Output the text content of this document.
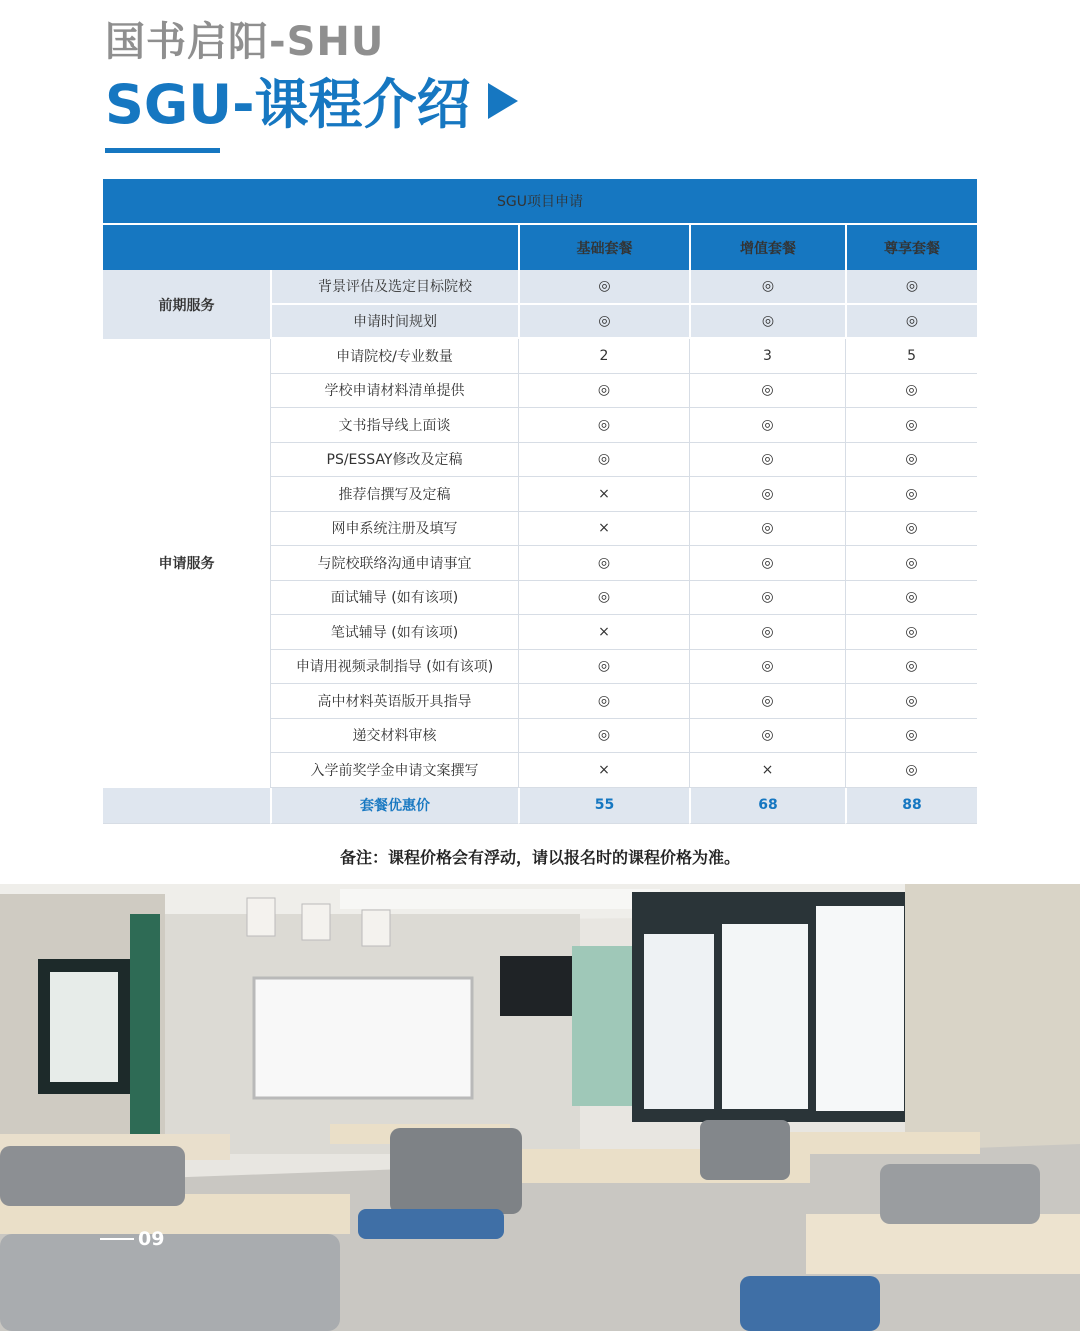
国书启阳-SHU
SGU-课程介绍
SGU项目申请				
		基础套餐	增值套餐	尊享套餐
前期服务	背景评估及选定目标院校	◎	◎	◎
	申请时间规划	◎	◎	◎
申请服务	申请院校/专业数量	2	3	5
	学校申请材料清单提供	◎	◎	◎
	文书指导线上面谈	◎	◎	◎
	PS/ESSAY修改及定稿	◎	◎	◎
	推荐信撰写及定稿	×	◎	◎
	网申系统注册及填写	×	◎	◎
	与院校联络沟通申请事宜	◎	◎	◎
	面试辅导 (如有该项)	◎	◎	◎
	笔试辅导 (如有该项)	×	◎	◎
	申请用视频录制指导 (如有该项)	◎	◎	◎
	高中材料英语版开具指导	◎	◎	◎
	递交材料审核	◎	◎	◎
	入学前奖学金申请文案撰写	×	×	◎
	套餐优惠价	55	68	88

备注：课程价格会有浮动，请以报名时的课程价格为准。

09
